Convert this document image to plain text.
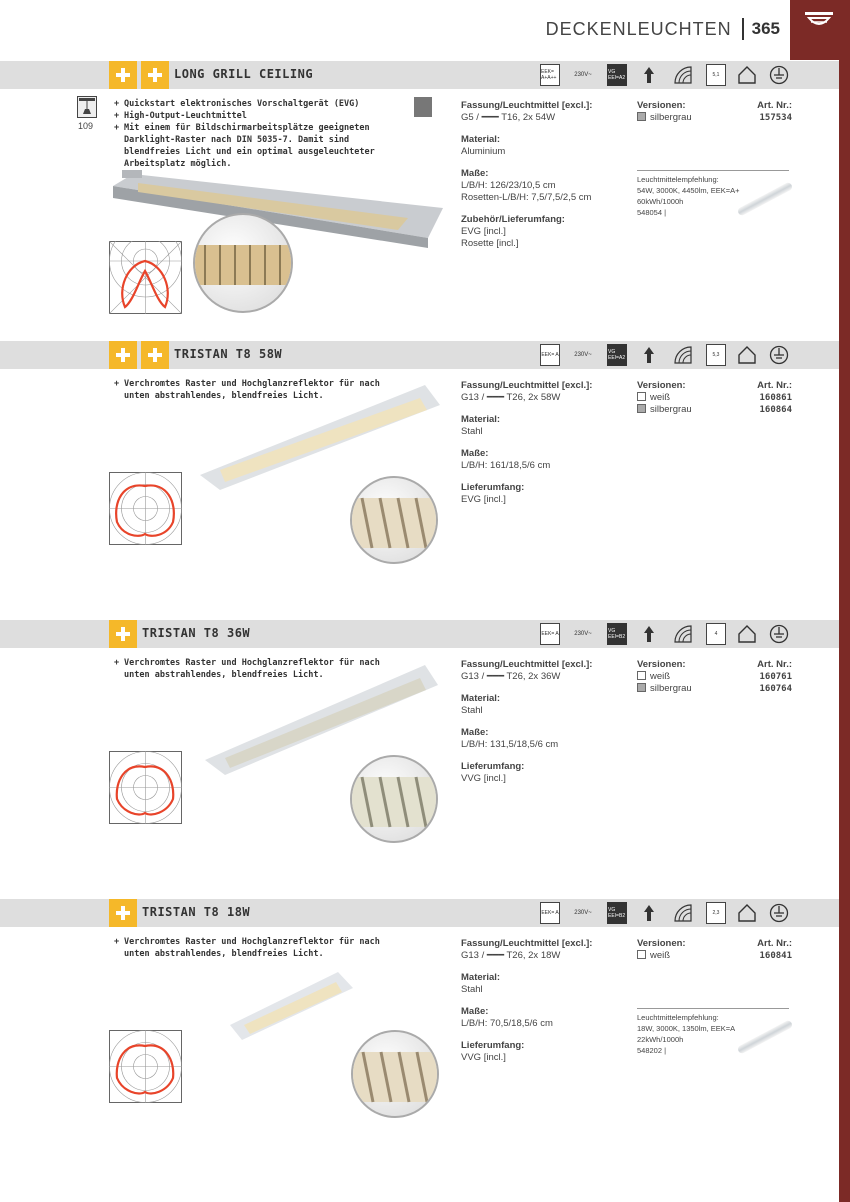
DECKENLEUCHTEN 365
LONG GRILL CEILING	EEK= A+A++	230V~	VG EEI=A2	5,1
109
+ Quickstart elektronisches Vorschaltgerät (EVG)
+ High-Output-Leuchtmittel
+ Mit einem für Bildschirmarbeitsplätze geeigneten Darklight-Raster nach DIN 5035-7. Damit sind blendfreies Licht und ein optimal ausgeleuchteter Arbeitsplatz möglich.
Fassung/Leuchtmittel [excl.]:
G5 / ━━━ T16, 2x 54W
Material:
Aluminium
Maße:
L/B/H: 126/23/10,5 cm
Rosetten-L/B/H: 7,5/7,5/2,5 cm
Zubehör/Lieferumfang:
EVG [incl.]
Rosette [incl.]
Versionen:	Art. Nr.:
silbergrau	157534
Leuchtmittelempfehlung:
54W, 3000K, 4450lm, EEK=A+
60kWh/1000h
548054 |
TRISTAN T8 58W	EEK= A	230V~	VG EEI=A2	5,3
+ Verchromtes Raster und Hochglanzreflektor für nach unten abstrahlendes, blendfreies Licht.
Fassung/Leuchtmittel [excl.]:
G13 / ━━━ T26, 2x 58W
Material:
Stahl
Maße:
L/B/H: 161/18,5/6 cm
Lieferumfang:
EVG [incl.]
Versionen:	Art. Nr.:
weiß	160861
silbergrau	160864
TRISTAN T8 36W	EEK= A	230V~	VG EEI=B2	4
+ Verchromtes Raster und Hochglanzreflektor für nach unten abstrahlendes, blendfreies Licht.
Fassung/Leuchtmittel [excl.]:
G13 / ━━━ T26, 2x 36W
Material:
Stahl
Maße:
L/B/H: 131,5/18,5/6 cm
Lieferumfang:
VVG [incl.]
Versionen:	Art. Nr.:
weiß	160761
silbergrau	160764
TRISTAN T8 18W	EEK= A	230V~	VG EEI=B2	2,3
+ Verchromtes Raster und Hochglanzreflektor für nach unten abstrahlendes, blendfreies Licht.
Fassung/Leuchtmittel [excl.]:
G13 / ━━━ T26, 2x 18W
Material:
Stahl
Maße:
L/B/H: 70,5/18,5/6 cm
Lieferumfang:
VVG [incl.]
Versionen:	Art. Nr.:
weiß	160841
Leuchtmittelempfehlung:
18W, 3000K, 1350lm, EEK=A
22kWh/1000h
548202 |
